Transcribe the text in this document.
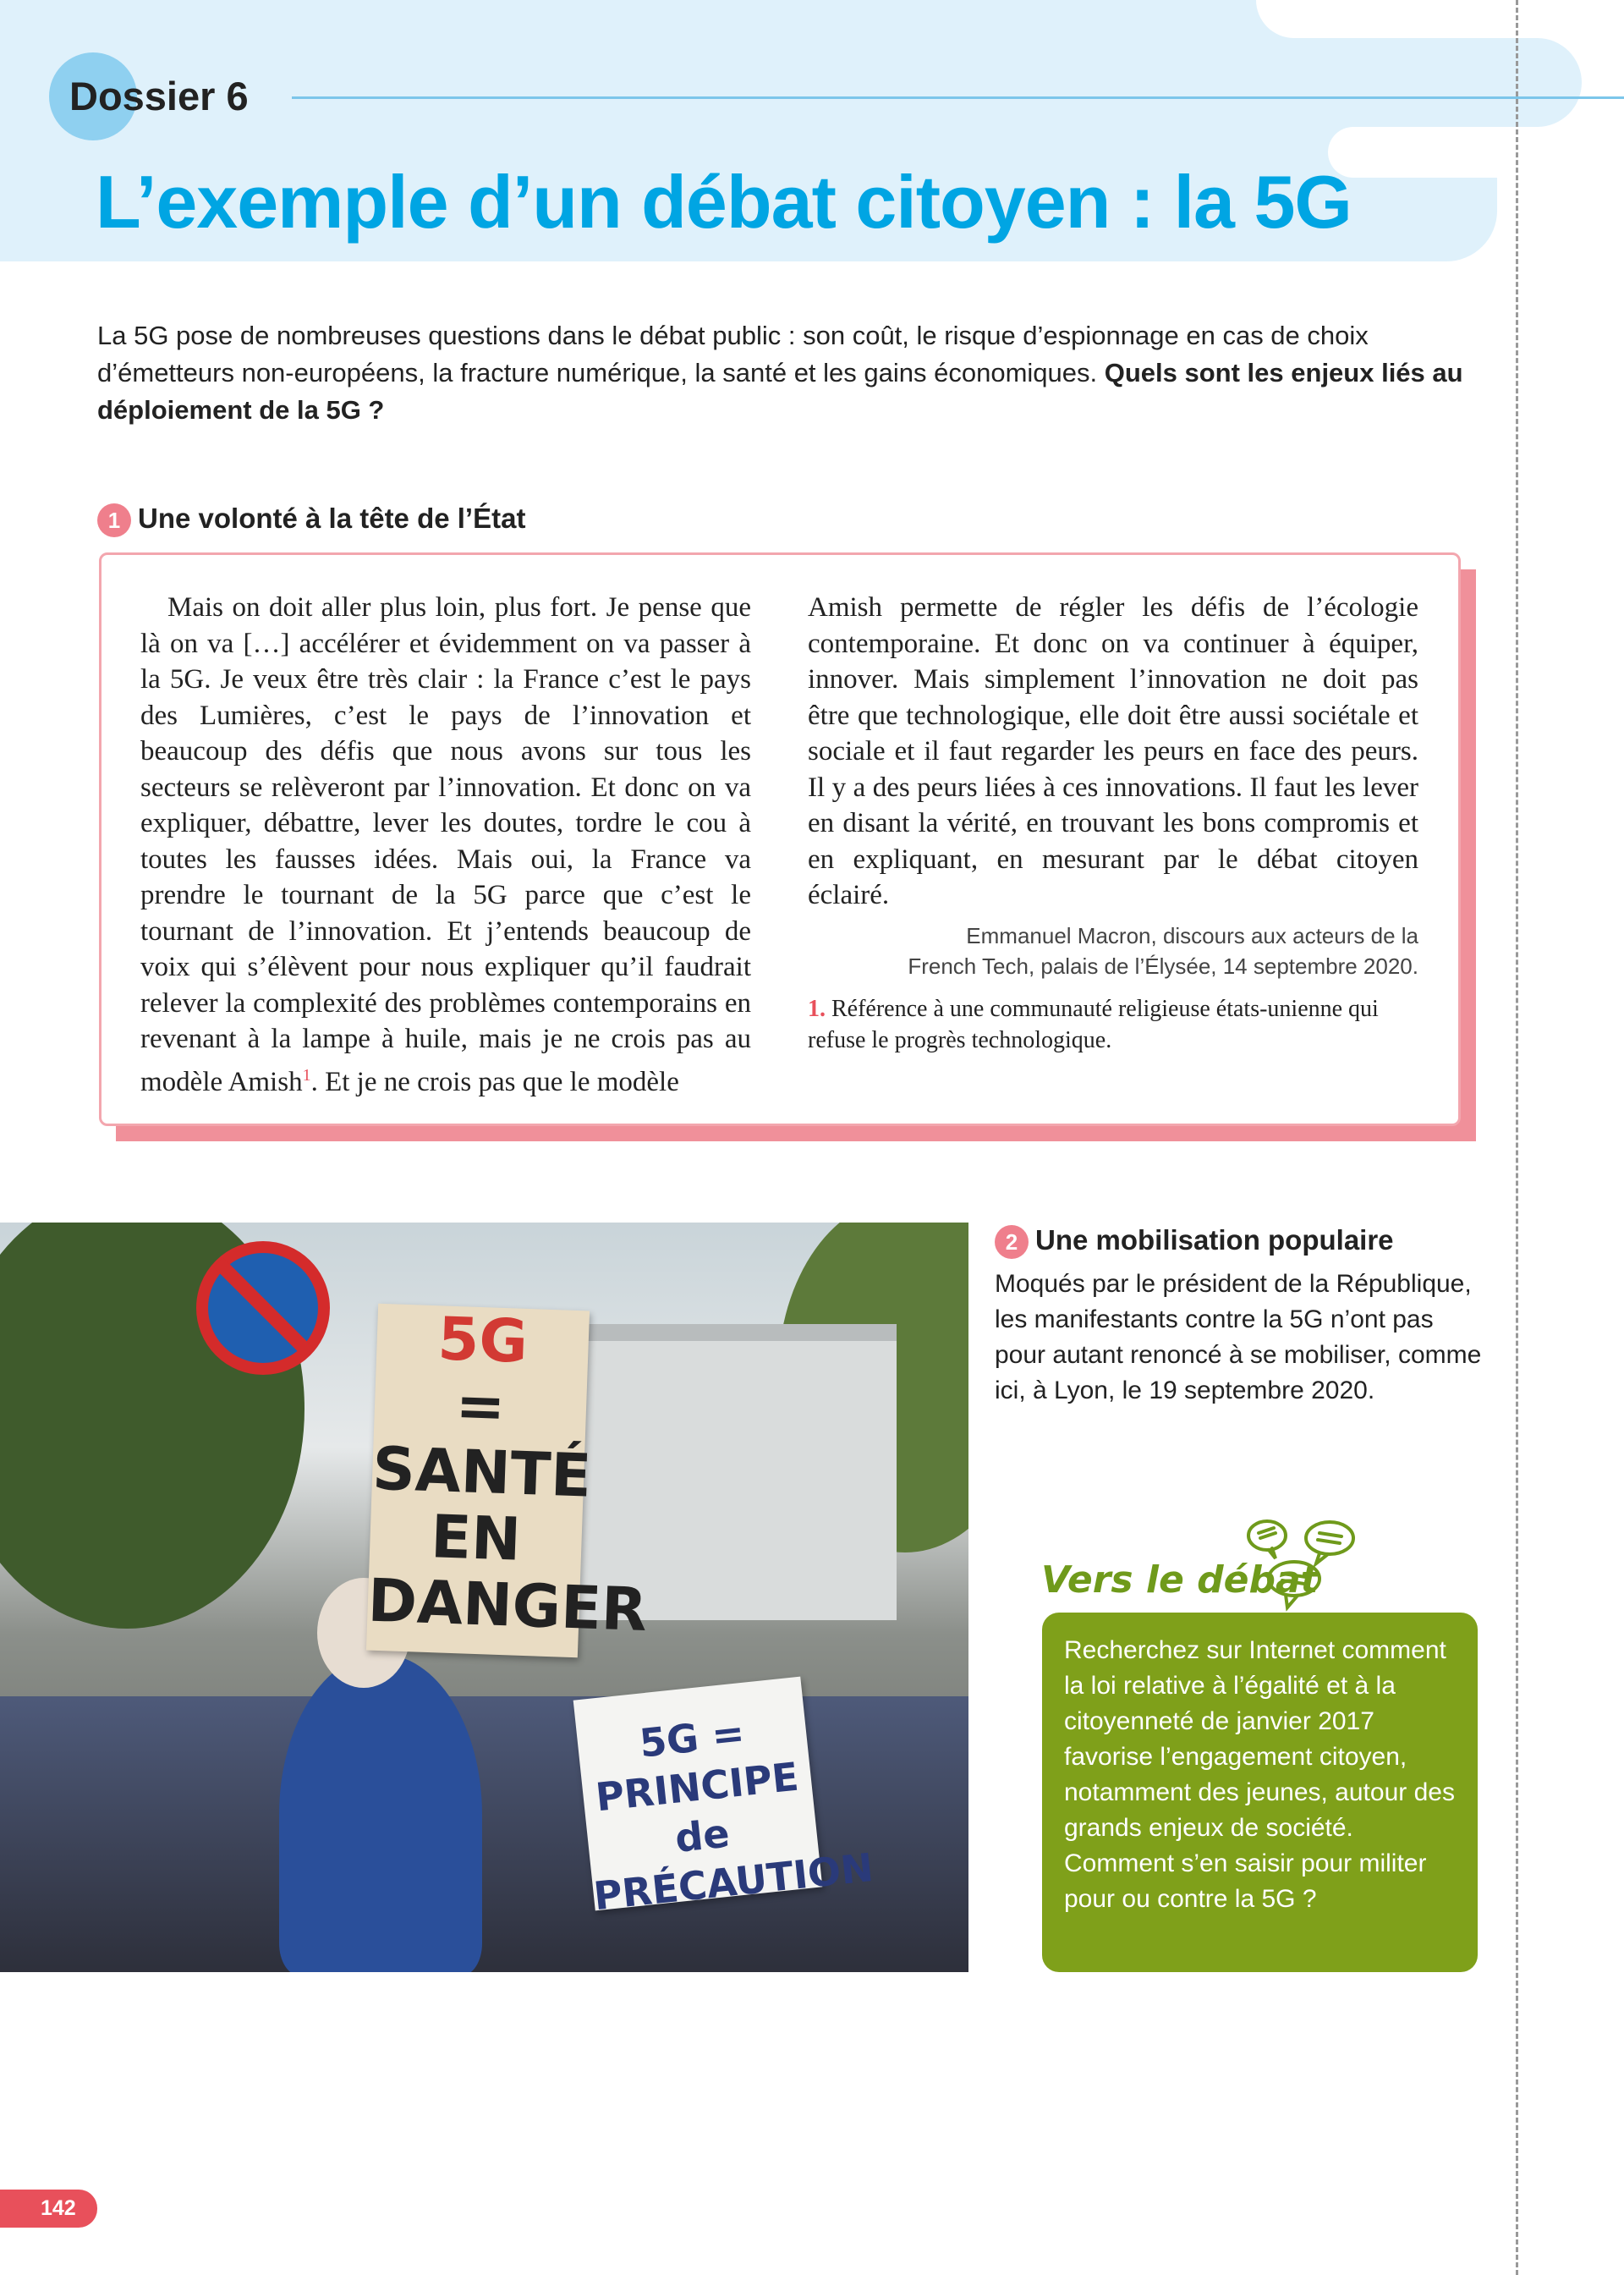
Dossier 6
L’exemple d’un débat citoyen : la 5G
La 5G pose de nombreuses questions dans le débat public : son coût, le risque d’espionnage en cas de choix d’émetteurs non-européens, la fracture numérique, la santé et les gains économiques. Quels sont les enjeux liés au déploiement de la 5G ?
1 Une volonté à la tête de l’État
Mais on doit aller plus loin, plus fort. Je pense que là on va […] accélérer et évidemment on va passer à la 5G. Je veux être très clair : la France c’est le pays des Lumières, c’est le pays de l’innovation et beaucoup des défis que nous avons sur tous les secteurs se relèveront par l’innovation. Et donc on va expliquer, débattre, lever les doutes, tordre le cou à toutes les fausses idées. Mais oui, la France va prendre le tournant de la 5G parce que c’est le tournant de l’innovation. Et j’entends beaucoup de voix qui s’élèvent pour nous expliquer qu’il faudrait relever la complexité des problèmes contemporains en revenant à la lampe à huile, mais je ne crois pas au modèle Amish$^1$. Et je ne crois pas que le modèle
Amish permette de régler les défis de l’écologie contemporaine. Et donc on va continuer à équiper, innover. Mais simplement l’innovation ne doit pas être que technologique, elle doit être aussi sociétale et sociale et il faut regarder les peurs en face des peurs. Il y a des peurs liées à ces innovations. Il faut les lever en disant la vérité, en trouvant les bons compromis et en expliquant, en mesurant par le débat citoyen éclairé.
Emmanuel Macron, discours aux acteurs de la
French Tech, palais de l’Élysée, 14 septembre 2020.
1. Référence à une communauté religieuse états-unienne qui refuse le progrès technologique.
5G
=
SANTÉ EN DANGER
5G = PRINCIPE de PRÉCAUTION
2 Une mobilisation populaire
Moqués par le président de la République, les manifestants contre la 5G n’ont pas pour autant renoncé à se mobiliser, comme ici, à Lyon, le 19 septembre 2020.
Vers le débat
Recherchez sur Internet comment la loi relative à l’égalité et à la citoyenneté de janvier 2017 favorise l’engagement citoyen, notamment des jeunes, autour des grands enjeux de société. Comment s’en saisir pour militer pour ou contre la 5G ?
142
